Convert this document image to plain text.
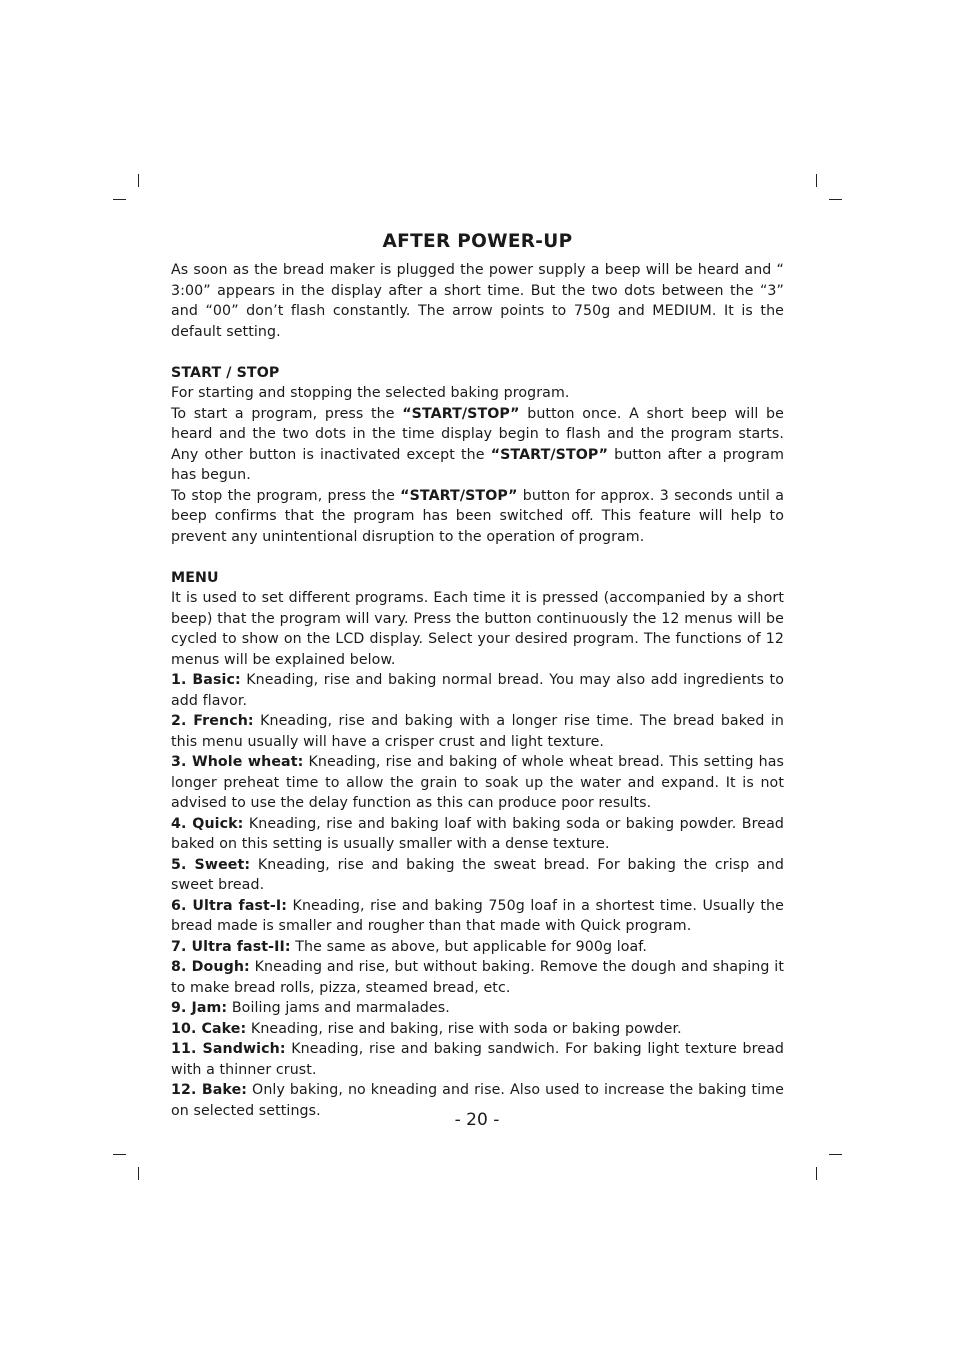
AFTER POWER-UP

As soon as the bread maker is plugged the power supply a beep will be heard and “ 3:00” appears in the display after a short time. But the two dots between the “3” and “00” don’t flash constantly. The arrow points to 750g and MEDIUM. It is the default setting.

START / STOP

For starting and stopping the selected baking program.

To start a program, press the “START/STOP” button once. A short beep will be heard and the two dots in the time display begin to flash and the program starts. Any other button is inactivated except the “START/STOP” button after a program has begun.

To stop the program, press the “START/STOP” button for approx. 3 seconds until a beep confirms that the program has been switched off. This feature will help to prevent any unintentional disruption to the operation of program.

MENU

It is used to set different programs. Each time it is pressed (accompanied by a short beep) that the program will vary. Press the button continuously the 12 menus will be cycled to show on the LCD display. Select your desired program. The functions of 12 menus will be explained below.

1. Basic: Kneading, rise and baking normal bread. You may also add ingredients to add flavor.

2. French: Kneading, rise and baking with a longer rise time. The bread baked in this menu usually will have a crisper crust and light texture.

3. Whole wheat: Kneading, rise and baking of whole wheat bread. This setting has longer preheat time to allow the grain to soak up the water and expand. It is not advised to use the delay function as this can produce poor results.

4. Quick: Kneading, rise and baking loaf with baking soda or baking powder. Bread baked on this setting is usually smaller with a dense texture.

5. Sweet: Kneading, rise and baking the sweat bread. For baking the crisp and sweet bread.

6. Ultra fast-I: Kneading, rise and baking 750g loaf in a shortest time. Usually the bread made is smaller and rougher than that made with Quick program.

7. Ultra fast-II: The same as above, but applicable for 900g loaf.

8. Dough: Kneading and rise, but without baking. Remove the dough and shaping it to make bread rolls, pizza, steamed bread, etc.

9. Jam: Boiling jams and marmalades.

10. Cake: Kneading, rise and baking, rise with soda or baking powder.

11. Sandwich: Kneading, rise and baking sandwich. For baking light texture bread with a thinner crust.

12. Bake: Only baking, no kneading and rise. Also used to increase the baking time on selected settings.	- 20 -
